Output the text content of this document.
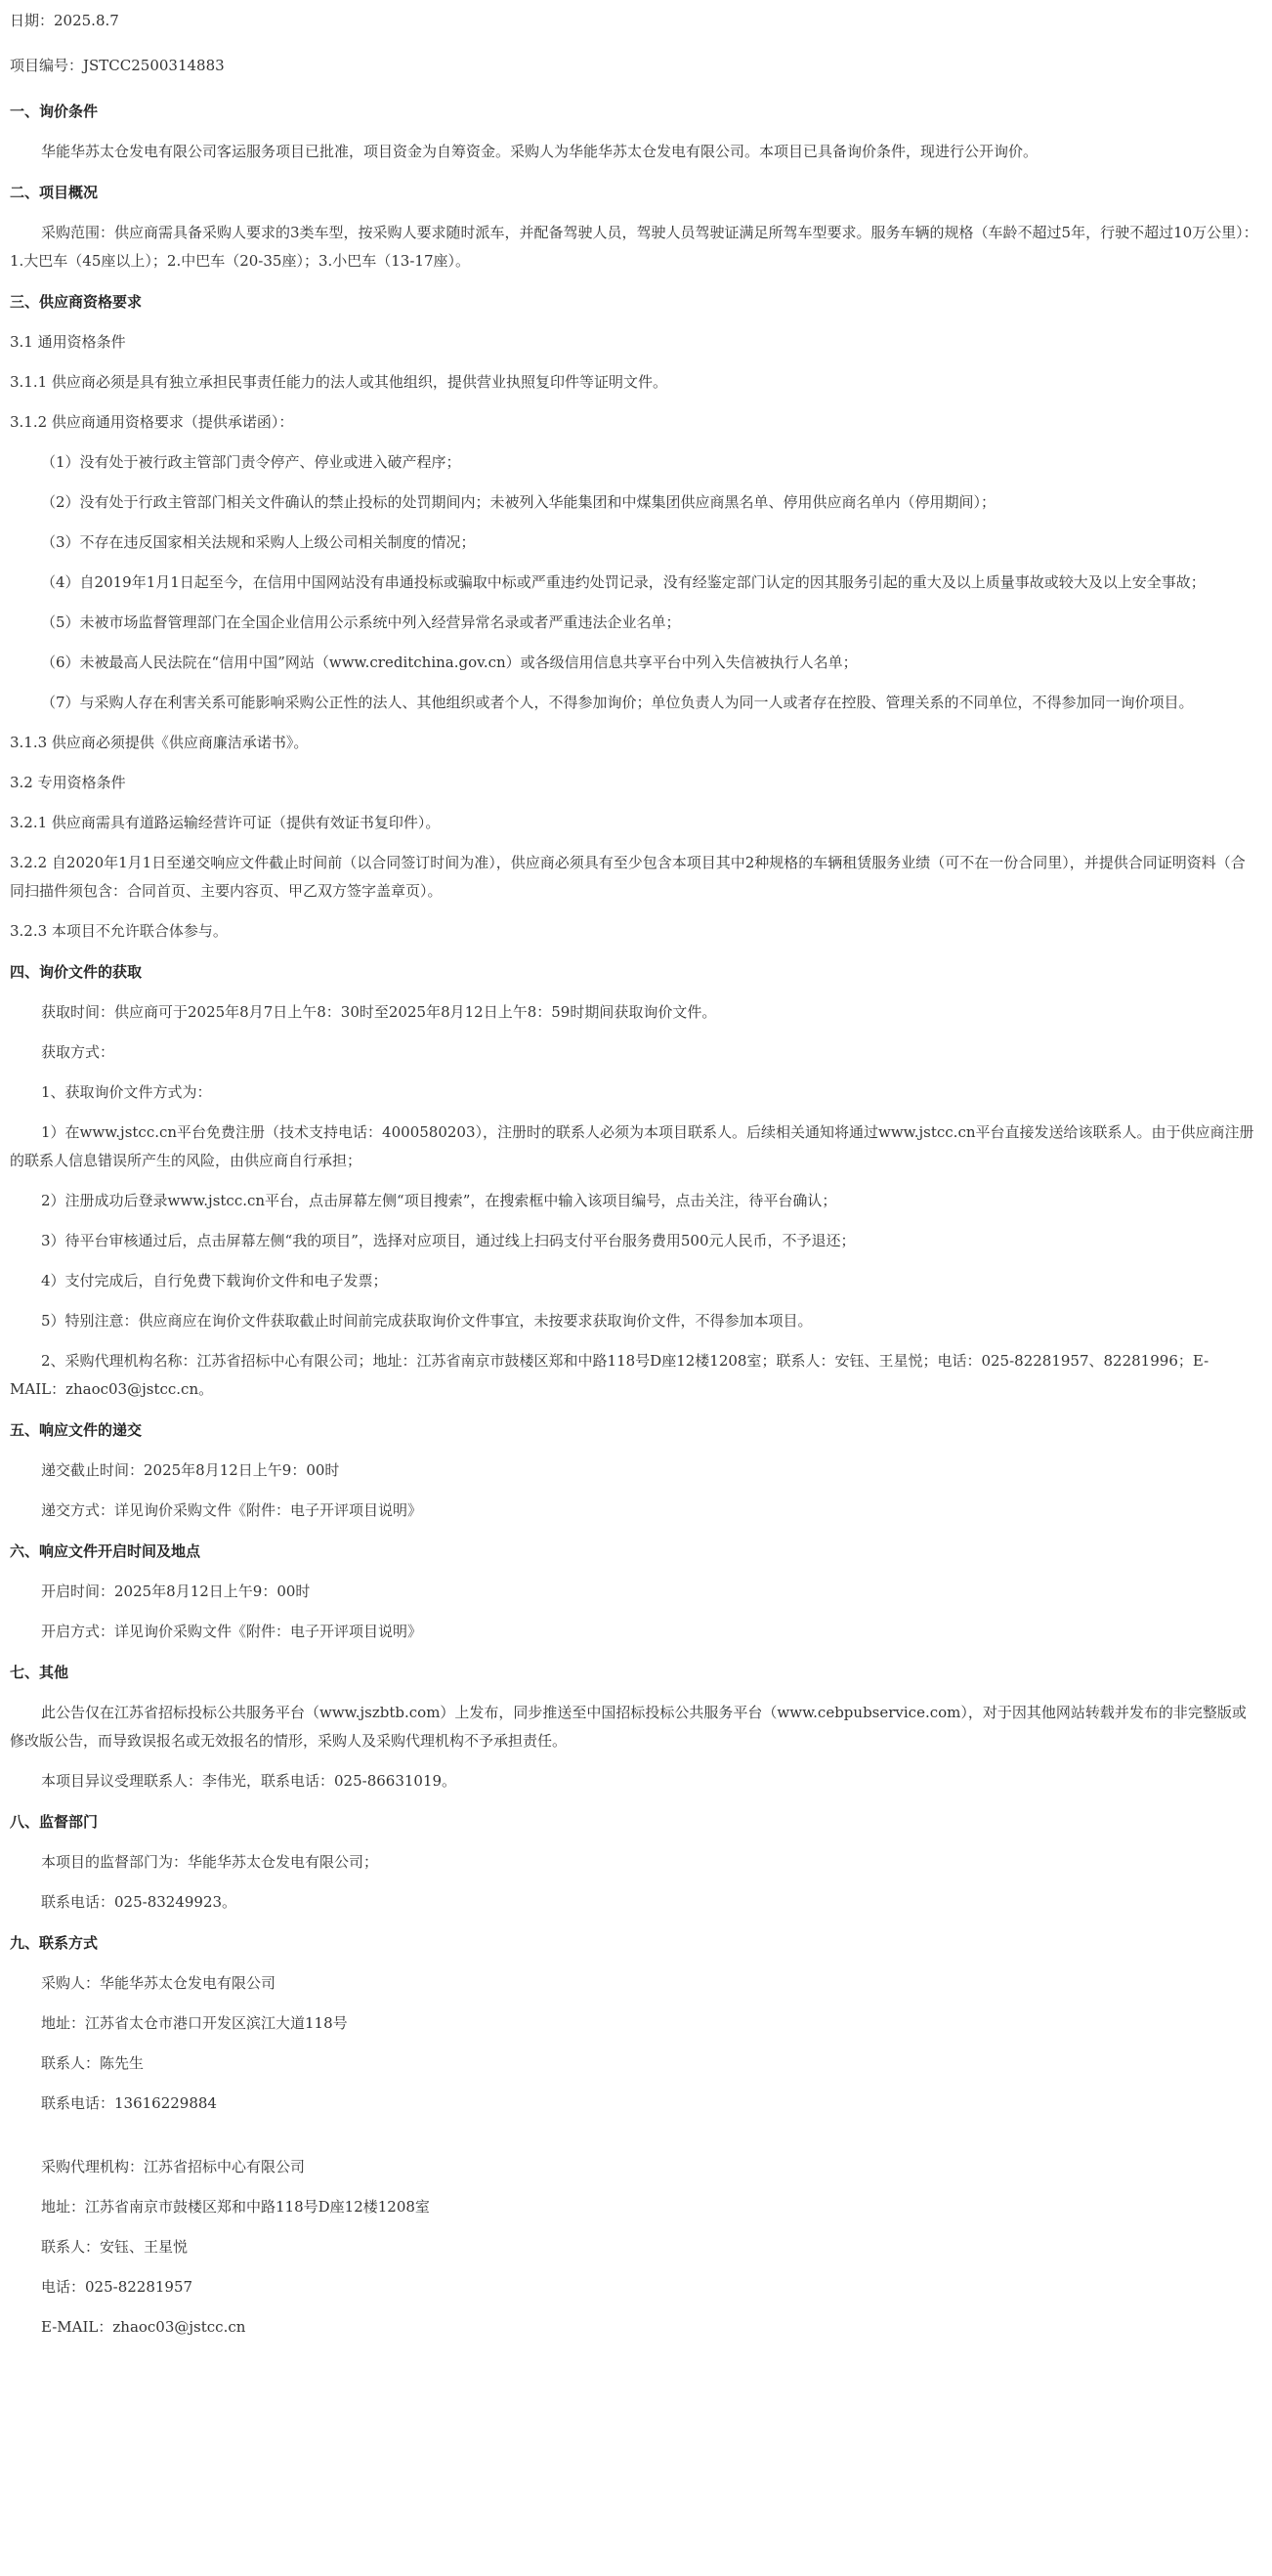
日期：2025.8.7

项目编号：JSTCC2500314883

一、询价条件

华能华苏太仓发电有限公司客运服务项目已批准，项目资金为自筹资金。采购人为华能华苏太仓发电有限公司。本项目已具备询价条件，现进行公开询价。

二、项目概况

采购范围：供应商需具备采购人要求的3类车型，按采购人要求随时派车，并配备驾驶人员，驾驶人员驾驶证满足所驾车型要求。服务车辆的规格（车龄不超过5年，行驶不超过10万公里）：1.大巴车（45座以上）；2.中巴车（20-35座）；3.小巴车（13-17座）。

三、供应商资格要求

3.1 通用资格条件

3.1.1 供应商必须是具有独立承担民事责任能力的法人或其他组织，提供营业执照复印件等证明文件。

3.1.2 供应商通用资格要求（提供承诺函）：

（1）没有处于被行政主管部门责令停产、停业或进入破产程序；

（2）没有处于行政主管部门相关文件确认的禁止投标的处罚期间内；未被列入华能集团和中煤集团供应商黑名单、停用供应商名单内（停用期间）；

（3）不存在违反国家相关法规和采购人上级公司相关制度的情况；

（4）自2019年1月1日起至今，在信用中国网站没有串通投标或骗取中标或严重违约处罚记录，没有经鉴定部门认定的因其服务引起的重大及以上质量事故或较大及以上安全事故；

（5）未被市场监督管理部门在全国企业信用公示系统中列入经营异常名录或者严重违法企业名单；

（6）未被最高人民法院在“信用中国”网站（www.creditchina.gov.cn）或各级信用信息共享平台中列入失信被执行人名单；

（7）与采购人存在利害关系可能影响采购公正性的法人、其他组织或者个人，不得参加询价；单位负责人为同一人或者存在控股、管理关系的不同单位，不得参加同一询价项目。

3.1.3 供应商必须提供《供应商廉洁承诺书》。

3.2 专用资格条件

3.2.1 供应商需具有道路运输经营许可证（提供有效证书复印件）。

3.2.2 自2020年1月1日至递交响应文件截止时间前（以合同签订时间为准），供应商必须具有至少包含本项目其中2种规格的车辆租赁服务业绩（可不在一份合同里），并提供合同证明资料（合同扫描件须包含：合同首页、主要内容页、甲乙双方签字盖章页）。

3.2.3 本项目不允许联合体参与。

四、询价文件的获取

获取时间：供应商可于2025年8月7日上午8：30时至2025年8月12日上午8：59时期间获取询价文件。

获取方式：

1、获取询价文件方式为：

1）在www.jstcc.cn平台免费注册（技术支持电话：4000580203），注册时的联系人必须为本项目联系人。后续相关通知将通过www.jstcc.cn平台直接发送给该联系人。由于供应商注册的联系人信息错误所产生的风险，由供应商自行承担；

2）注册成功后登录www.jstcc.cn平台，点击屏幕左侧“项目搜索”，在搜索框中输入该项目编号，点击关注，待平台确认；

3）待平台审核通过后，点击屏幕左侧“我的项目”，选择对应项目，通过线上扫码支付平台服务费用500元人民币，不予退还；

4）支付完成后，自行免费下载询价文件和电子发票；

5）特别注意：供应商应在询价文件获取截止时间前完成获取询价文件事宜，未按要求获取询价文件，不得参加本项目。

2、采购代理机构名称：江苏省招标中心有限公司；地址：江苏省南京市鼓楼区郑和中路118号D座12楼1208室；联系人：安钰、王星悦；电话：025-82281957、82281996；E-MAIL：zhaoc03@jstcc.cn。

五、响应文件的递交

递交截止时间：2025年8月12日上午9：00时

递交方式：详见询价采购文件《附件：电子开评项目说明》

六、响应文件开启时间及地点

开启时间：2025年8月12日上午9：00时

开启方式：详见询价采购文件《附件：电子开评项目说明》

七、其他

此公告仅在江苏省招标投标公共服务平台（www.jszbtb.com）上发布，同步推送至中国招标投标公共服务平台（www.cebpubservice.com），对于因其他网站转载并发布的非完整版或修改版公告，而导致误报名或无效报名的情形，采购人及采购代理机构不予承担责任。

本项目异议受理联系人：李伟光，联系电话：025-86631019。

八、监督部门

本项目的监督部门为：华能华苏太仓发电有限公司；

联系电话：025-83249923。

九、联系方式

采购人：华能华苏太仓发电有限公司

地址：江苏省太仓市港口开发区滨江大道118号

联系人：陈先生

联系电话：13616229884

采购代理机构：江苏省招标中心有限公司

地址：江苏省南京市鼓楼区郑和中路118号D座12楼1208室

联系人：安钰、王星悦

电话：025-82281957

E-MAIL：zhaoc03@jstcc.cn
